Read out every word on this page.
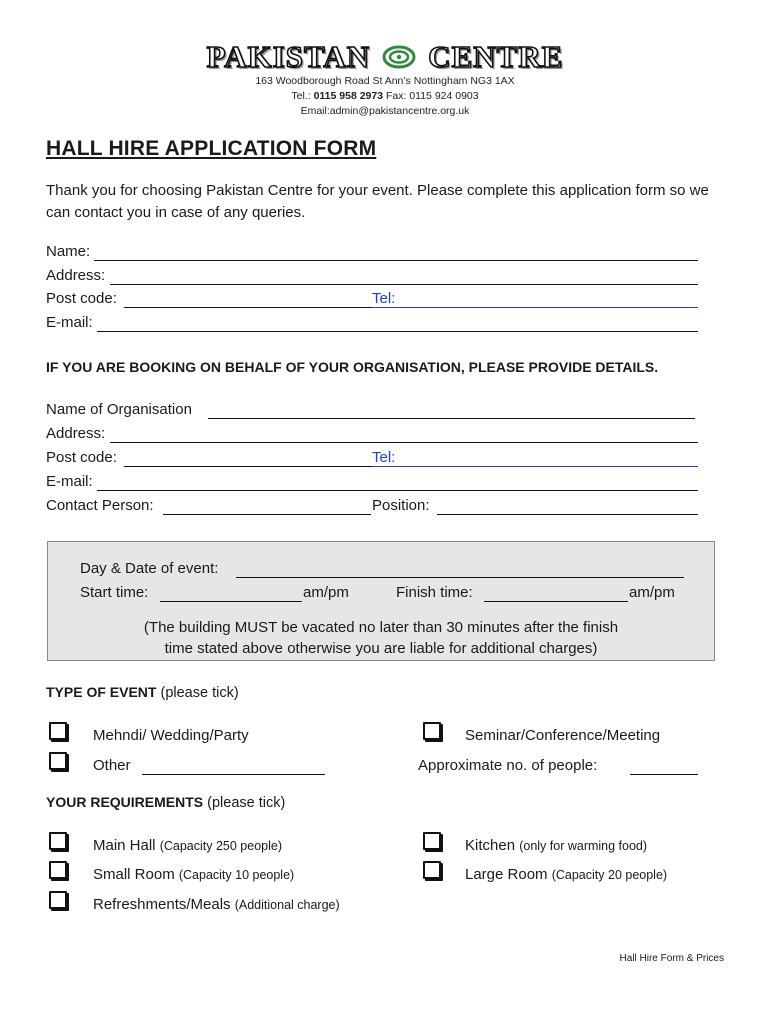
PAKISTAN CENTRE
163 Woodborough Road St Ann’s Nottingham NG3 1AX
Tel.: 0115 958 2973 Fax: 0115 924 0903
Email:admin@pakistancentre.org.uk
HALL HIRE APPLICATION FORM
Thank you for choosing Pakistan Centre for your event. Please complete this application form so we can contact you in case of any queries.
Name:
Address:
Post code:	Tel:
E-mail:
IF YOU ARE BOOKING ON BEHALF OF YOUR ORGANISATION, PLEASE PROVIDE DETAILS.
Name of Organisation
Address:
Post code:	Tel:
E-mail:
Contact Person:	Position:
Day & Date of event:
Start time:	am/pm	Finish time:	am/pm
(The building MUST be vacated no later than 30 minutes after the finish
time stated above otherwise you are liable for additional charges)
TYPE OF EVENT (please tick)
Mehndi/ Wedding/Party	Seminar/Conference/Meeting
Other	Approximate no. of people:
YOUR REQUIREMENTS (please tick)
Main Hall (Capacity 250 people)	Kitchen (only for warming food)
Small Room (Capacity 10 people)	Large Room (Capacity 20 people)
Refreshments/Meals (Additional charge)
Hall Hire Form & Prices
